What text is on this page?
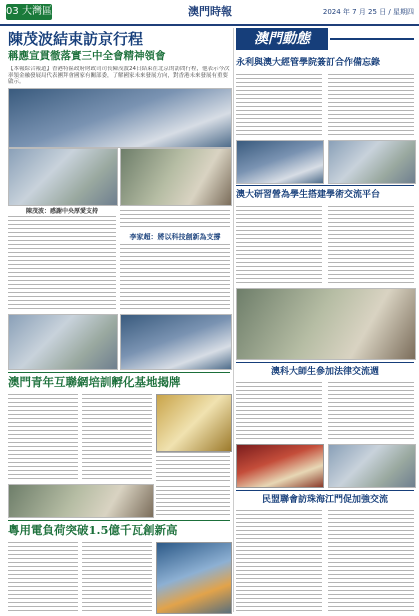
03 大灣區	澳門時報	2024 年 7 月 25 日 / 星期四
陳茂波結束訪京行程
稱應宣貫徹落實三中全會精神領會
【本報綜合報道】香港特區政府財政司司長陳茂波24日結束在北京的訪問行程，他表示今次率領金融發展局代表團拜會國家有關部委，了解國家未來發展方向，對香港未來發展有重要啟示。
陳茂波：感謝中央厚愛支持
李家超：將以科技創新為支撐
澳門青年互聯網培訓孵化基地揭牌
粵用電負荷突破1.5億千瓦創新高
澳門動態
永利與澳大經管學院簽訂合作備忘錄
澳大研習營為學生搭建學術交流平台
澳科大師生參加法律交流週
民盟聯會訪珠海江門促加強交流
